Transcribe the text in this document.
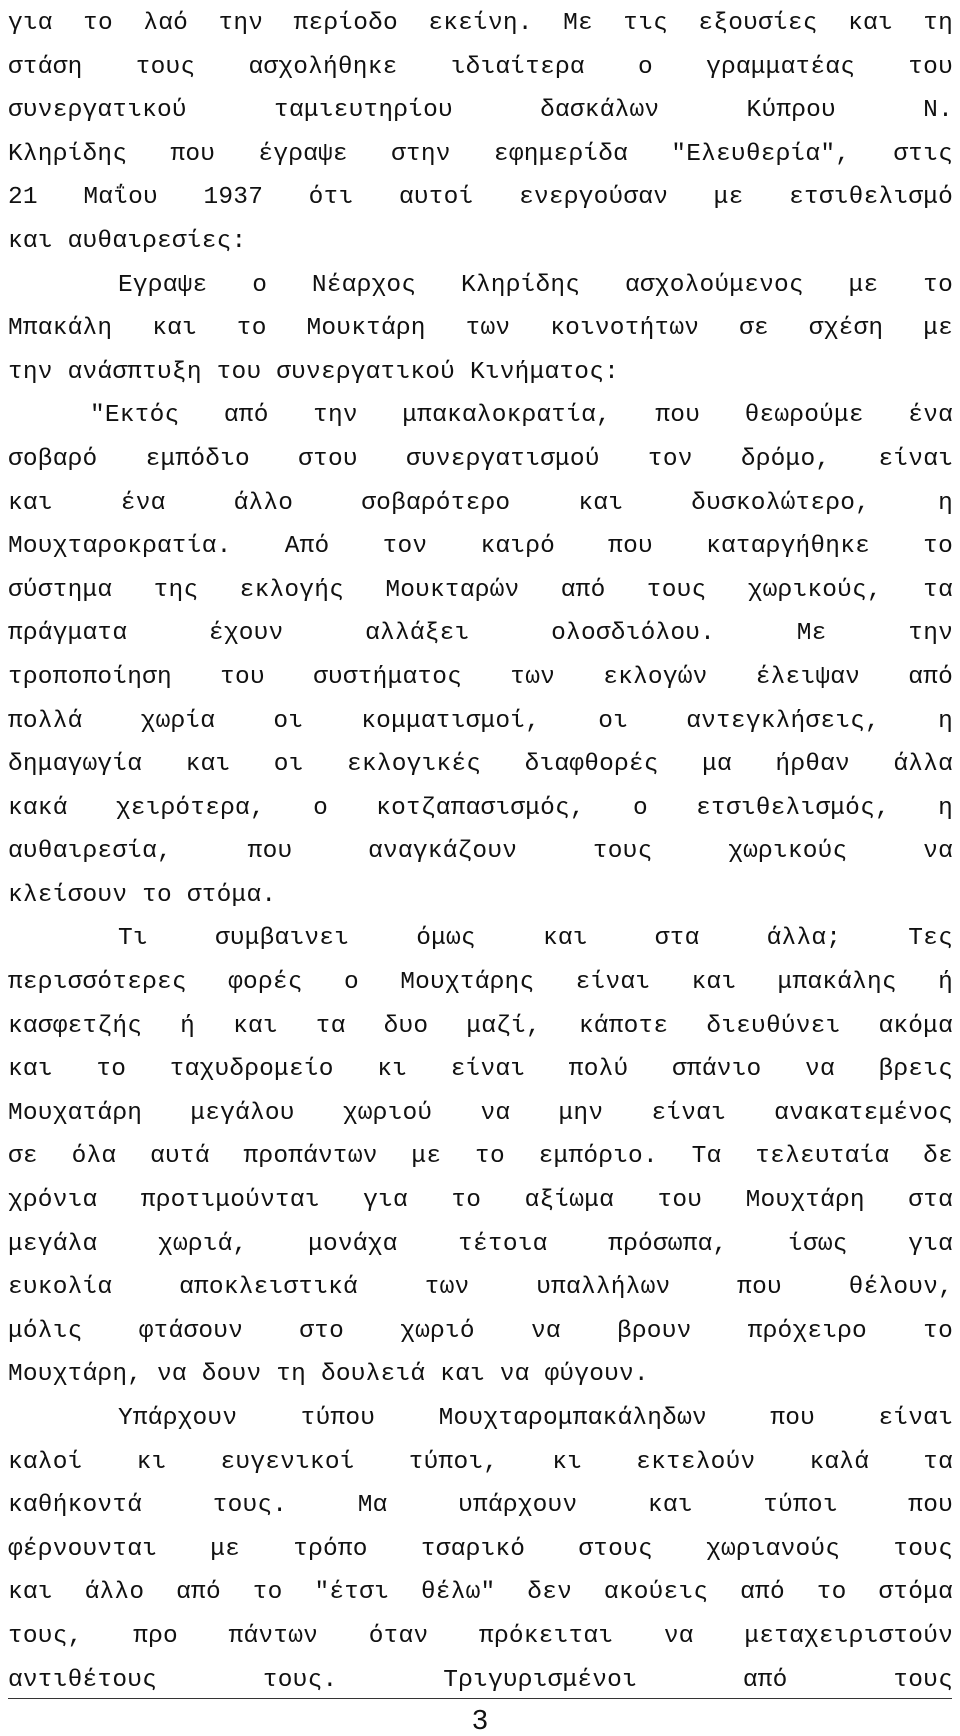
για το λαό την περίοδο εκείνη. Με τις εξουσίες και τη
στάση τους ασχολήθηκε ιδιαίτερα ο γραμματέας του
συνεργατικού ταμιευτηρίου δασκάλων Κύπρου Ν.
Κληρίδης που έγραψε στην εφημερίδα "Ελευθερία", στις
21 Μαΐου 1937 ότι αυτοί ενεργούσαν με ετσιθελισμό
και αυθαιρεσίες:
Εγραψε ο Νέαρχος Κληρίδης ασχολούμενος με το
Μπακάλη και το Μουκτάρη των κοινοτήτων σε σχέση με
την ανάσπτυξη του συνεργατικού Κινήματος:
"Εκτός από την μπακαλοκρατία, που θεωρούμε ένα
σοβαρό εμπόδιο στου συνεργατισμού τον δρόμο, είναι
και ένα άλλο σοβαρότερο και δυσκολώτερο, η
Μουχταροκρατία. Από τον καιρό που καταργήθηκε το
σύστημα της εκλογής Μουκταρών από τους χωρικούς, τα
πράγματα έχουν αλλάξει ολοσδιόλου. Με την
τροποποίηση του συστήματος των εκλογών έλειψαν από
πολλά χωρία οι κομματισμοί, οι αντεγκλήσεις, η
δημαγωγία και οι εκλογικές διαφθορές μα ήρθαν άλλα
κακά χειρότερα, ο κοτζαπασισμός, ο ετσιθελισμός, η
αυθαιρεσία, που αναγκάζουν τους χωρικούς να
κλείσουν το στόμα.
Τι συμβαινει όμως και στα άλλα; Τες
περισσότερες φορές ο Μουχτάρης είναι και μπακάλης ή
κασφετζής ή και τα δυο μαζί, κάποτε διευθύνει ακόμα
και το ταχυδρομείο κι είναι πολύ σπάνιο να βρεις
Μουχατάρη μεγάλου χωριού να μην είναι ανακατεμένος
σε όλα αυτά προπάντων με το εμπόριο. Τα τελευταία δε
χρόνια προτιμούνται για το αξίωμα του Μουχτάρη στα
μεγάλα χωριά, μονάχα τέτοια πρόσωπα, ίσως για
ευκολία αποκλειστικά των υπαλλήλων που θέλουν,
μόλις φτάσουν στο χωριό να βρουν πρόχειρο το
Μουχτάρη, να δουν τη δουλειά και να φύγουν.
Υπάρχουν τύπου Μουχταρομπακάληδων που είναι
καλοί κι ευγενικοί τύποι, κι εκτελούν καλά τα
καθήκοντά τους. Μα υπάρχουν και τύποι που
φέρνουνται με τρόπο τσαρικό στους χωριανούς τους
και άλλο από το "έτσι θέλω" δεν ακούεις από το στόμα
τους, προ πάντων όταν πρόκειται να μεταχειριστούν
αντιθέτους τους. Τριγυρισμένοι από τους
3
